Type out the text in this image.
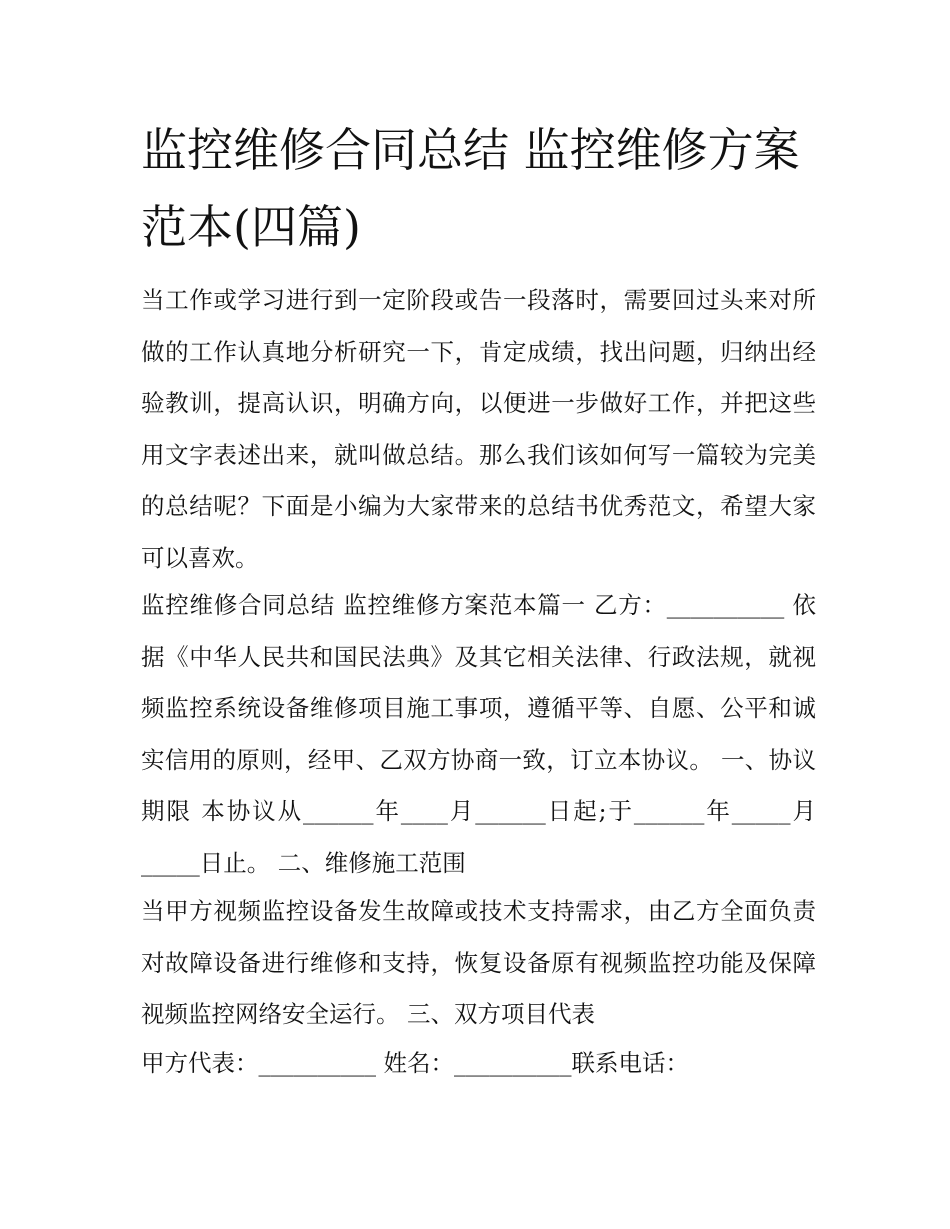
监控维修合同总结 监控维修方案范本(四篇)

当工作或学习进行到一定阶段或告一段落时，需要回过头来对所做的工作认真地分析研究一下，肯定成绩，找出问题，归纳出经验教训，提高认识，明确方向，以便进一步做好工作，并把这些用文字表述出来，就叫做总结。那么我们该如何写一篇较为完美的总结呢？下面是小编为大家带来的总结书优秀范文，希望大家可以喜欢。

监控维修合同总结 监控维修方案范本篇一 乙方：__________ 依据《中华人民共和国民法典》及其它相关法律、行政法规，就视频监控系统设备维修项目施工事项，遵循平等、自愿、公平和诚实信用的原则，经甲、乙双方协商一致，订立本协议。 一、协议期限 本协议从______年____月______日起;于______年_____月_____日止。 二、维修施工范围

当甲方视频监控设备发生故障或技术支持需求，由乙方全面负责对故障设备进行维修和支持，恢复设备原有视频监控功能及保障视频监控网络安全运行。 三、双方项目代表

甲方代表：__________ 姓名：__________联系电话：
